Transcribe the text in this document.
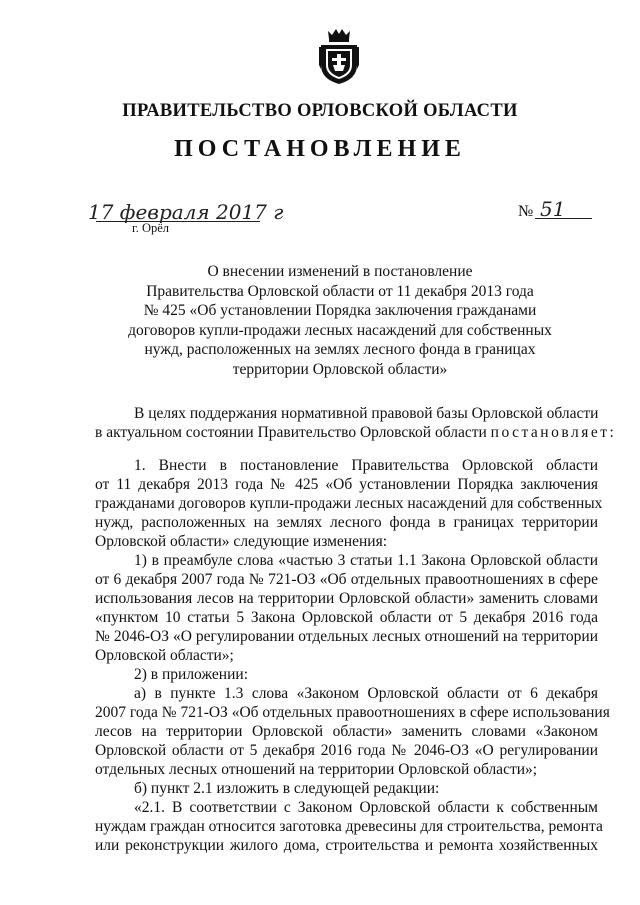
ПРАВИТЕЛЬСТВО ОРЛОВСКОЙ ОБЛАСТИ
ПОСТАНОВЛЕНИЕ
17 февраля 2017 г
г. Орёл
№ 51
О внесении изменений в постановление
Правительства Орловской области от 11 декабря 2013 года
№ 425 «Об установлении Порядка заключения гражданами
договоров купли-продажи лесных насаждений для собственных
нужд, расположенных на землях лесного фонда в границах
территории Орловской области»
В целях поддержания нормативной правовой базы Орловской области
в актуальном состоянии Правительство Орловской области постановляет:
1. Внести в постановление Правительства Орловской области
от 11 декабря 2013 года № 425 «Об установлении Порядка заключения
гражданами договоров купли-продажи лесных насаждений для собственных
нужд, расположенных на землях лесного фонда в границах территории
Орловской области» следующие изменения:
1) в преамбуле слова «частью 3 статьи 1.1 Закона Орловской области
от 6 декабря 2007 года № 721-ОЗ «Об отдельных правоотношениях в сфере
использования лесов на территории Орловской области» заменить словами
«пунктом 10 статьи 5 Закона Орловской области от 5 декабря 2016 года
№ 2046-ОЗ «О регулировании отдельных лесных отношений на территории
Орловской области»;
2) в приложении:
а) в пункте 1.3 слова «Законом Орловской области от 6 декабря
2007 года № 721-ОЗ «Об отдельных правоотношениях в сфере использования
лесов на территории Орловской области» заменить словами «Законом
Орловской области от 5 декабря 2016 года № 2046-ОЗ «О регулировании
отдельных лесных отношений на территории Орловской области»;
б) пункт 2.1 изложить в следующей редакции:
«2.1. В соответствии с Законом Орловской области к собственным
нуждам граждан относится заготовка древесины для строительства, ремонта
или реконструкции жилого дома, строительства и ремонта хозяйственных
